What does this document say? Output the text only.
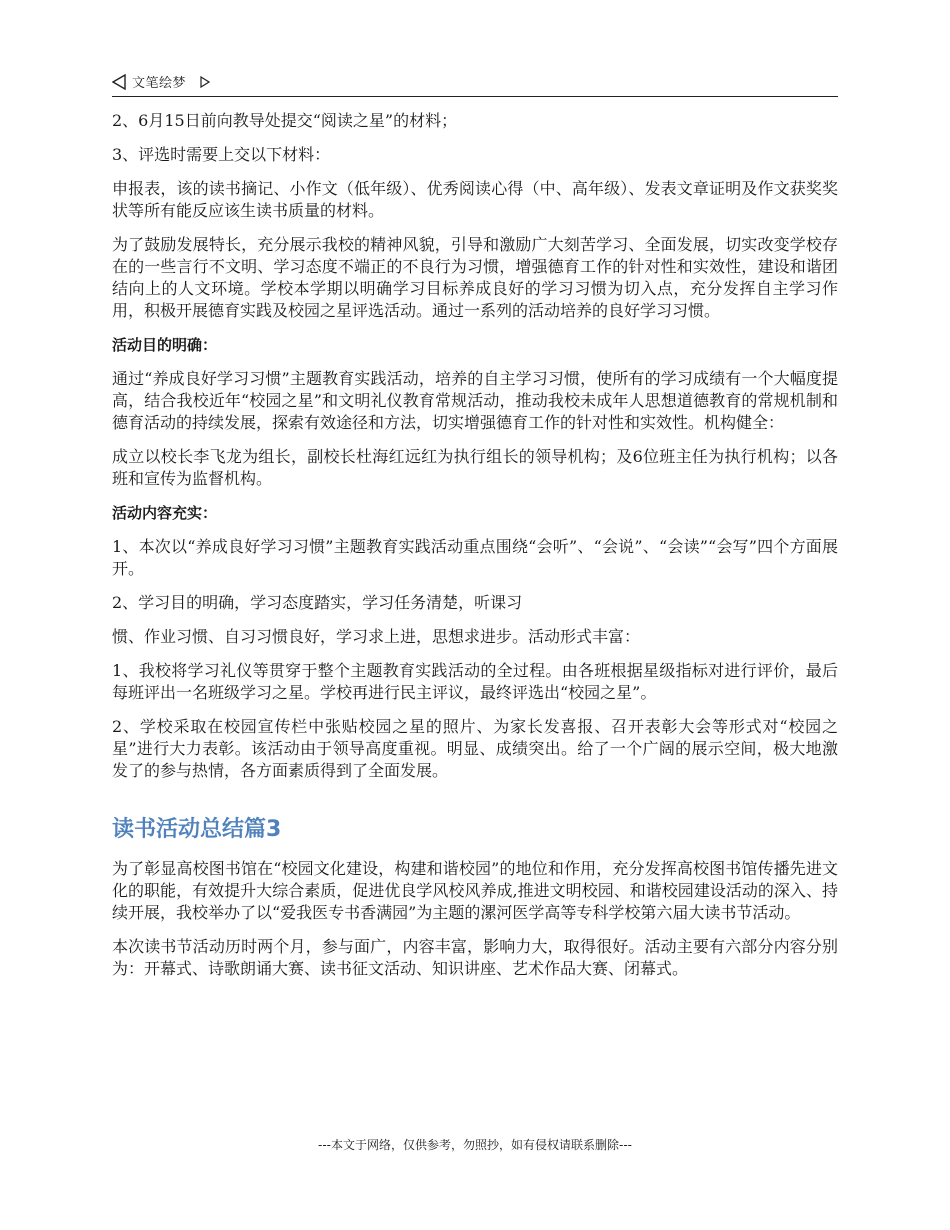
文笔绘梦

2、6月15日前向教导处提交“阅读之星”的材料；

3、评选时需要上交以下材料：

申报表，该的读书摘记、小作文（低年级）、优秀阅读心得（中、高年级）、发表文章证明及作文获奖奖状等所有能反应该生读书质量的材料。

为了鼓励发展特长，充分展示我校的精神风貌，引导和激励广大刻苦学习、全面发展，切实改变学校存在的一些言行不文明、学习态度不端正的不良行为习惯，增强德育工作的针对性和实效性，建设和谐团结向上的人文环境。学校本学期以明确学习目标养成良好的学习习惯为切入点，充分发挥自主学习作用，积极开展德育实践及校园之星评选活动。通过一系列的活动培养的良好学习习惯。

活动目的明确：

通过“养成良好学习习惯”主题教育实践活动，培养的自主学习习惯，使所有的学习成绩有一个大幅度提高，结合我校近年“校园之星”和文明礼仪教育常规活动，推动我校未成年人思想道德教育的常规机制和德育活动的持续发展，探索有效途径和方法，切实增强德育工作的针对性和实效性。机构健全：

成立以校长李飞龙为组长，副校长杜海红远红为执行组长的领导机构；及6位班主任为执行机构；以各班和宣传为监督机构。

活动内容充实：

1、本次以“养成良好学习习惯”主题教育实践活动重点围绕“会听”、“会说”、“会读”“会写”四个方面展开。

2、学习目的明确，学习态度踏实，学习任务清楚，听课习

惯、作业习惯、自习习惯良好，学习求上进，思想求进步。活动形式丰富：

1、我校将学习礼仪等贯穿于整个主题教育实践活动的全过程。由各班根据星级指标对进行评价，最后每班评出一名班级学习之星。学校再进行民主评议，最终评选出“校园之星”。

2、学校采取在校园宣传栏中张贴校园之星的照片、为家长发喜报、召开表彰大会等形式对“校园之星”进行大力表彰。该活动由于领导高度重视。明显、成绩突出。给了一个广阔的展示空间，极大地激发了的参与热情，各方面素质得到了全面发展。

读书活动总结篇3

为了彰显高校图书馆在“校园文化建设，构建和谐校园”的地位和作用，充分发挥高校图书馆传播先进文化的职能，有效提升大综合素质，促进优良学风校风养成,推进文明校园、和谐校园建设活动的深入、持续开展，我校举办了以“爱我医专书香满园”为主题的漯河医学高等专科学校第六届大读书节活动。

本次读书节活动历时两个月，参与面广，内容丰富，影响力大，取得很好。活动主要有六部分内容分别为：开幕式、诗歌朗诵大赛、读书征文活动、知识讲座、艺术作品大赛、闭幕式。

---本文于网络，仅供参考，勿照抄，如有侵权请联系删除---
